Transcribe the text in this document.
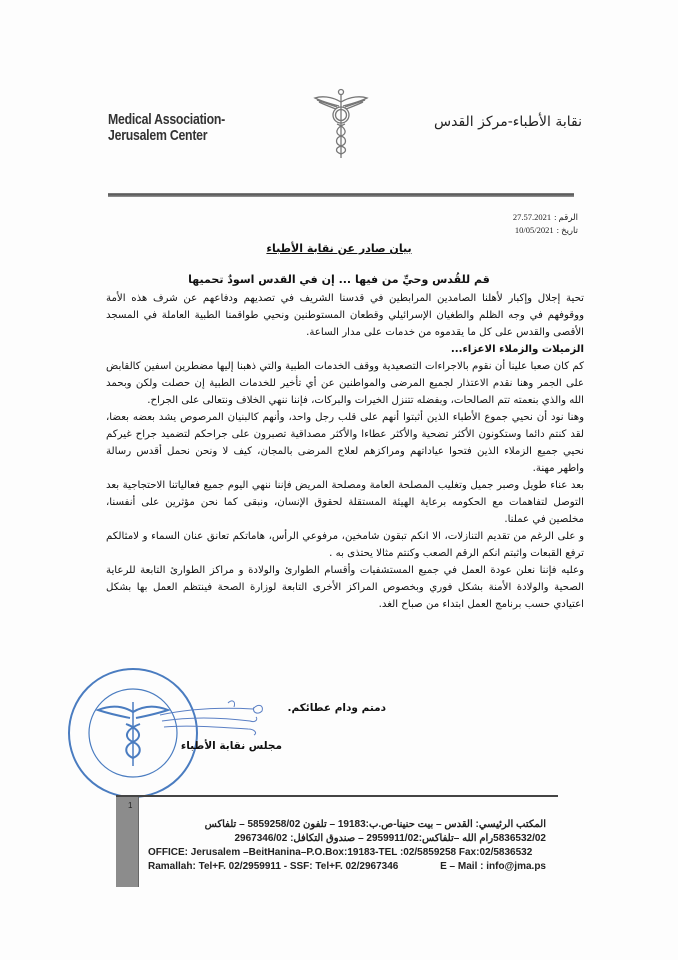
Medical Association-Jerusalem Center
نقابة الأطباء-مركز القدس
الرقم :27.57.2021
تاريخ :10/05/2021
بيان صادر عن نقابة الأطباء
قم للقُدس وحيِّ من فيها ... إن في القدس اسودٌ تحميها

تحية إجلال وإكبار لأهلنا الصامدين المرابطين في قدسنا الشريف في تصديهم ودفاعهم عن شرف هذه الأمة ووقوفهم في وجه الظلم والطغيان الإسرائيلي وقطعان المستوطنين ونحيي طواقمنا الطبية العاملة في المسجد الأقصى والقدس على كل ما يقدموه من خدمات على مدار الساعة.

الزميلات والزملاء الاعزاء...

كم كان صعبا علينا أن نقوم بالاجراءات التصعيدية ووقف الخدمات الطبية والتي ذهبنا إليها مضطرين اسفين كالقابض على الجمر وهنا نقدم الاعتذار لجميع المرضى والمواطنين عن أي تأخير للخدمات الطبية إن حصلت ولكن وبحمد الله والذي بنعمته تتم الصالحات، وبفضله تتنزل الخيرات والبركات، فإننا ننهي الخلاف ونتعالى على الجراح.

وهنا نود أن نحيي جموع الأطباء الذين أثبتوا أنهم على قلب رجل واحد، وأنهم كالبنيان المرصوص يشد بعضه بعضا، لقد كنتم دائما وستكونون الأكثر تضحية والأكثر عطاءا والأكثر مصداقية تصبرون على جراحكم لتضميد جراح غيركم نحيي جميع الزملاء الذين فتحوا عياداتهم ومراكزهم لعلاج المرضى بالمجان، كيف لا ونحن نحمل أقدس رسالة واطهر مهنة.

بعد عناء طويل وصبر جميل وتغليب المصلحة العامة ومصلحة المريض فإننا ننهي اليوم جميع فعالياتنا الاحتجاجية بعد التوصل لتفاهمات مع الحكومه برعاية الهيئة المستقلة لحقوق الإنسان، ونبقى كما نحن مؤثرين على أنفسنا، مخلصين في عملنا.

و على الرغم من تقديم التنازلات، الا انكم تبقون شامخين، مرفوعي الرأس، هاماتكم تعانق عنان السماء و لامثالكم ترفع القبعات واثبتم انكم الرقم الصعب وكنتم مثالا يحتذى به .

وعليه فإننا نعلن عودة العمل في جميع المستشفيات وأقسام الطوارئ والولادة و مراكز الطوارئ التابعة للرعاية الصحية والولادة الأمنة بشكل فوري وبخصوص المراكز الأخرى التابعة لوزارة الصحة فينتظم العمل بها بشكل اعتيادي حسب برنامج العمل ابتداء من صباح الغد.

دمتم ودام عطائكم.
مجلس نقابة الأطباء
1
المكتب الرئيسي: القدس – بيت حنينا-ص.ب:19183 – تلفون 5859258/02 – تلفاكس
5836532/02رام الله –تلفاكس:2959911/02 – صندوق التكافل: 2967346/02
OFFICE: Jerusalem –BeitHanina–P.O.Box:19183-TEL :02/5859258 Fax:02/5836532
Ramallah: Tel+F. 02/2959911 - SSF: Tel+F. 02/2967346	E – Mail : info@jma.ps
